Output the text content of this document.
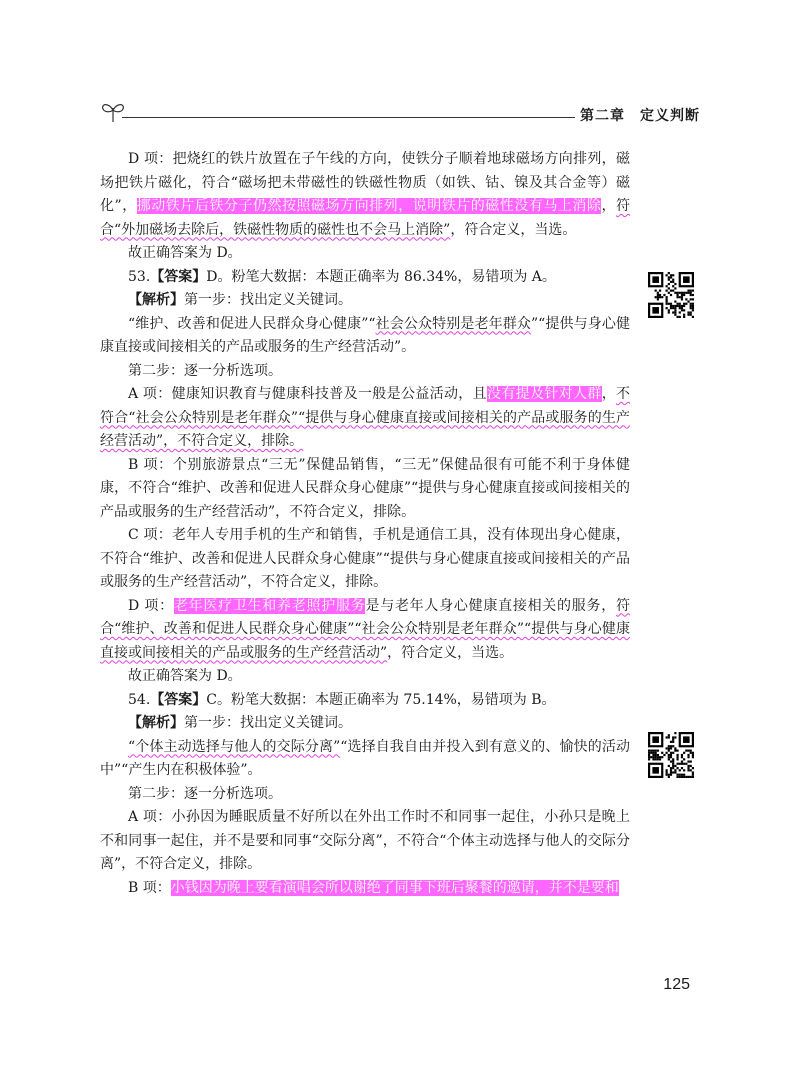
第二章　定义判断

D 项：把烧红的铁片放置在子午线的方向，使铁分子顺着地球磁场方向排列，磁场把铁片磁化，符合“磁场把未带磁性的铁磁性物质（如铁、钴、镍及其合金等）磁化”，挪动铁片后铁分子仍然按照磁场方向排列，说明铁片的磁性没有马上消除，符合“外加磁场去除后，铁磁性物质的磁性也不会马上消除”，符合定义，当选。

故正确答案为 D。

53.【答案】D。粉笔大数据：本题正确率为 86.34%，易错项为 A。

【解析】第一步：找出定义关键词。

“维护、改善和促进人民群众身心健康”“社会公众特别是老年群众”“提供与身心健康直接或间接相关的产品或服务的生产经营活动”。

第二步：逐一分析选项。

A 项：健康知识教育与健康科技普及一般是公益活动，且没有提及针对人群，不符合“社会公众特别是老年群众”“提供与身心健康直接或间接相关的产品或服务的生产经营活动”，不符合定义，排除。

B 项：个别旅游景点“三无”保健品销售，“三无”保健品很有可能不利于身体健康，不符合“维护、改善和促进人民群众身心健康”“提供与身心健康直接或间接相关的产品或服务的生产经营活动”，不符合定义，排除。

C 项：老年人专用手机的生产和销售，手机是通信工具，没有体现出身心健康，不符合“维护、改善和促进人民群众身心健康”“提供与身心健康直接或间接相关的产品或服务的生产经营活动”，不符合定义，排除。

D 项：老年医疗卫生和养老照护服务是与老年人身心健康直接相关的服务，符合“维护、改善和促进人民群众身心健康”“社会公众特别是老年群众”“提供与身心健康直接或间接相关的产品或服务的生产经营活动”，符合定义，当选。

故正确答案为 D。

54.【答案】C。粉笔大数据：本题正确率为 75.14%，易错项为 B。

【解析】第一步：找出定义关键词。

“个体主动选择与他人的交际分离”“选择自我自由并投入到有意义的、愉快的活动中”“产生内在积极体验”。

第二步：逐一分析选项。

A 项：小孙因为睡眠质量不好所以在外出工作时不和同事一起住，小孙只是晚上不和同事一起住，并不是要和同事“交际分离”，不符合“个体主动选择与他人的交际分离”，不符合定义，排除。

B 项：小钱因为晚上要看演唱会所以谢绝了同事下班后聚餐的邀请，并不是要和

125
